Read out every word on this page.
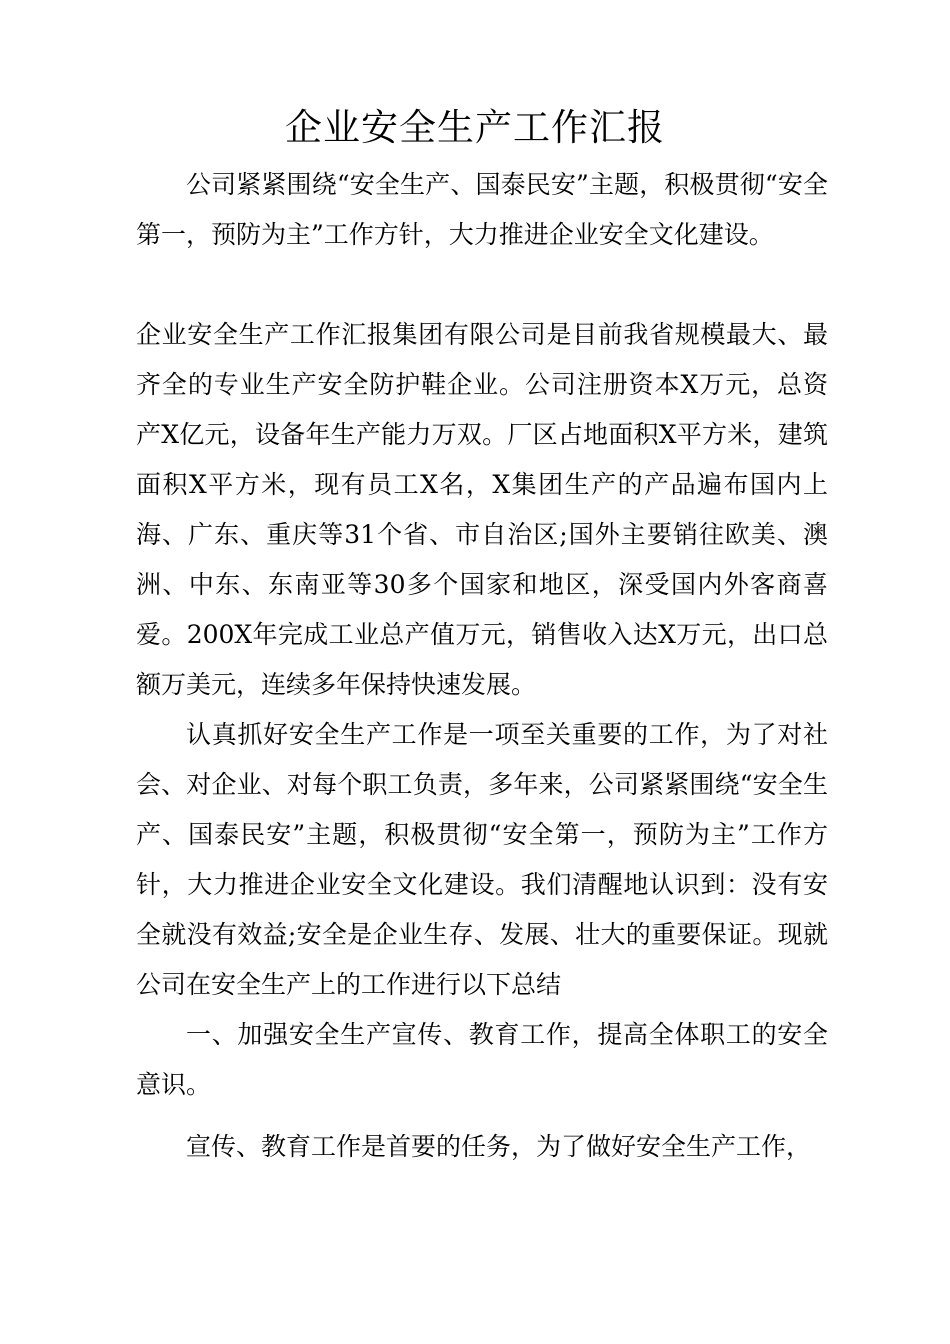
企业安全生产工作汇报

公司紧紧围绕“安全生产、国泰民安”主题，积极贯彻“安全第一，预防为主”工作方针，大力推进企业安全文化建设。

企业安全生产工作汇报集团有限公司是目前我省规模最大、最齐全的专业生产安全防护鞋企业。公司注册资本X万元，总资产X亿元，设备年生产能力万双。厂区占地面积X平方米，建筑面积X平方米，现有员工X名，X集团生产的产品遍布国内上海、广东、重庆等31个省、市自治区;国外主要销往欧美、澳洲、中东、东南亚等30多个国家和地区，深受国内外客商喜爱。200X年完成工业总产值万元，销售收入达X万元，出口总额万美元，连续多年保持快速发展。

认真抓好安全生产工作是一项至关重要的工作，为了对社会、对企业、对每个职工负责，多年来，公司紧紧围绕“安全生产、国泰民安”主题，积极贯彻“安全第一，预防为主”工作方针，大力推进企业安全文化建设。我们清醒地认识到：没有安全就没有效益;安全是企业生存、发展、壮大的重要保证。现就公司在安全生产上的工作进行以下总结

一、加强安全生产宣传、教育工作，提高全体职工的安全意识。

宣传、教育工作是首要的任务，为了做好安全生产工作，
